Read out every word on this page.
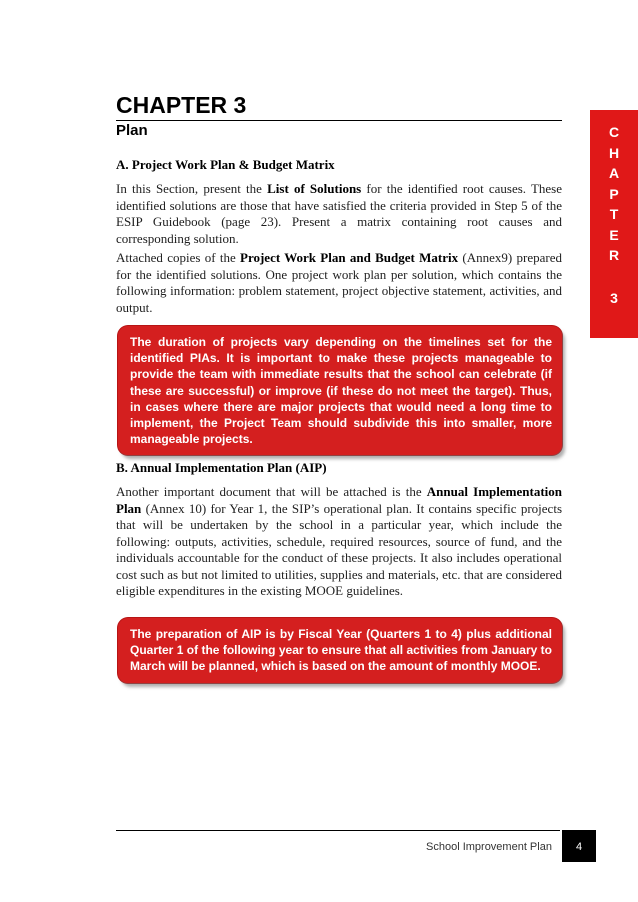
CHAPTER 3
Plan	C
H
A
P
T
E
R
3
A. Project Work Plan & Budget Matrix
In this Section, present the List of Solutions for the identified root causes. These identified solutions are those that have satisfied the criteria provided in Step 5 of the ESIP Guidebook (page 23). Present a matrix containing root causes and corresponding solution.
Attached copies of the Project Work Plan and Budget Matrix (Annex9) prepared for the identified solutions. One project work plan per solution, which contains the following information: problem statement, project objective statement, activities, and output.
The duration of projects vary depending on the timelines set for the identified PIAs. It is important to make these projects manageable to provide the team with immediate results that the school can celebrate (if these are successful) or improve (if these do not meet the target). Thus, in cases where there are major projects that would need a long time to implement, the Project Team should subdivide this into smaller, more manageable projects.
B. Annual Implementation Plan (AIP)
Another important document that will be attached is the Annual Implementation Plan (Annex 10) for Year 1, the SIP’s operational plan. It contains specific projects that will be undertaken by the school in a particular year, which include the following: outputs, activities, schedule, required resources, source of fund, and the individuals accountable for the conduct of these projects. It also includes operational cost such as but not limited to utilities, supplies and materials, etc. that are considered eligible expenditures in the existing MOOE guidelines.
The preparation of AIP is by Fiscal Year (Quarters 1 to 4) plus additional Quarter 1 of the following year to ensure that all activities from January to March will be planned, which is based on the amount of monthly MOOE.
School Improvement Plan	4
